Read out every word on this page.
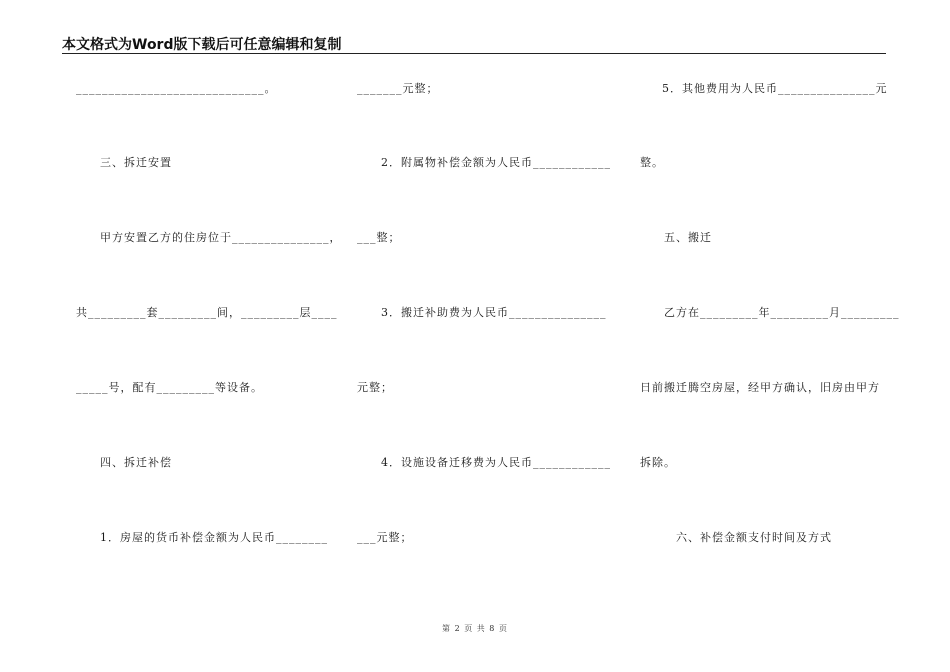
本文格式为Word版下载后可任意编辑和复制
_____________________________。
三、拆迁安置
甲方安置乙方的住房位于_______________，
共_________套_________间，_________层____
_____号，配有_________等设备。
四、拆迁补偿
1．房屋的货币补偿金额为人民币________
_______元整；
2．附属物补偿金额为人民币____________
___整；
3．搬迁补助费为人民币_______________
元整；
4．设施设备迁移费为人民币____________
___元整；
5．其他费用为人民币_______________元
整。
五、搬迁
乙方在_________年_________月_________
日前搬迁腾空房屋，经甲方确认，旧房由甲方
拆除。
六、补偿金额支付时间及方式
第 2 页 共 8 页
